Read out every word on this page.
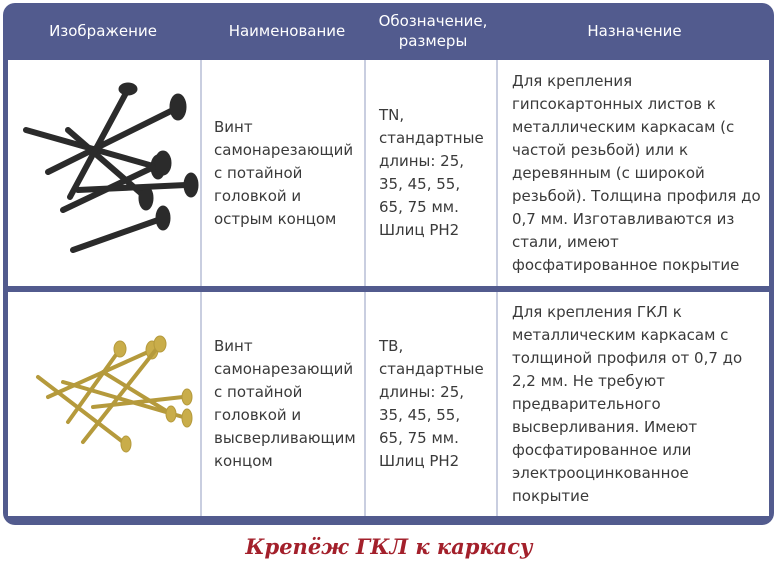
Изображение	Наименование
Обозначение,
размеры
Назначение
Винт
самонарезающий
с потайной
головкой и
острым концом
TN,
стандартные
длины: 25,
35, 45, 55,
65, 75 мм.
Шлиц PH2
Для крепления
гипсокартонных листов к
металлическим каркасам (с
частой резьбой) или к
деревянным (с широкой
резьбой). Толщина профиля до
0,7 мм. Изготавливаются из
стали, имеют
фосфатированное покрытие
Винт
самонарезающий
с потайной
головкой и
высверливающим
концом
TB,
стандартные
длины: 25,
35, 45, 55,
65, 75 мм.
Шлиц PH2
Для крепления ГКЛ к
металлическим каркасам с
толщиной профиля от 0,7 до
2,2 мм. Не требуют
предварительного
высверливания. Имеют
фосфатированное или
электрооцинкованное
покрытие
Крепёж ГКЛ к каркасу
